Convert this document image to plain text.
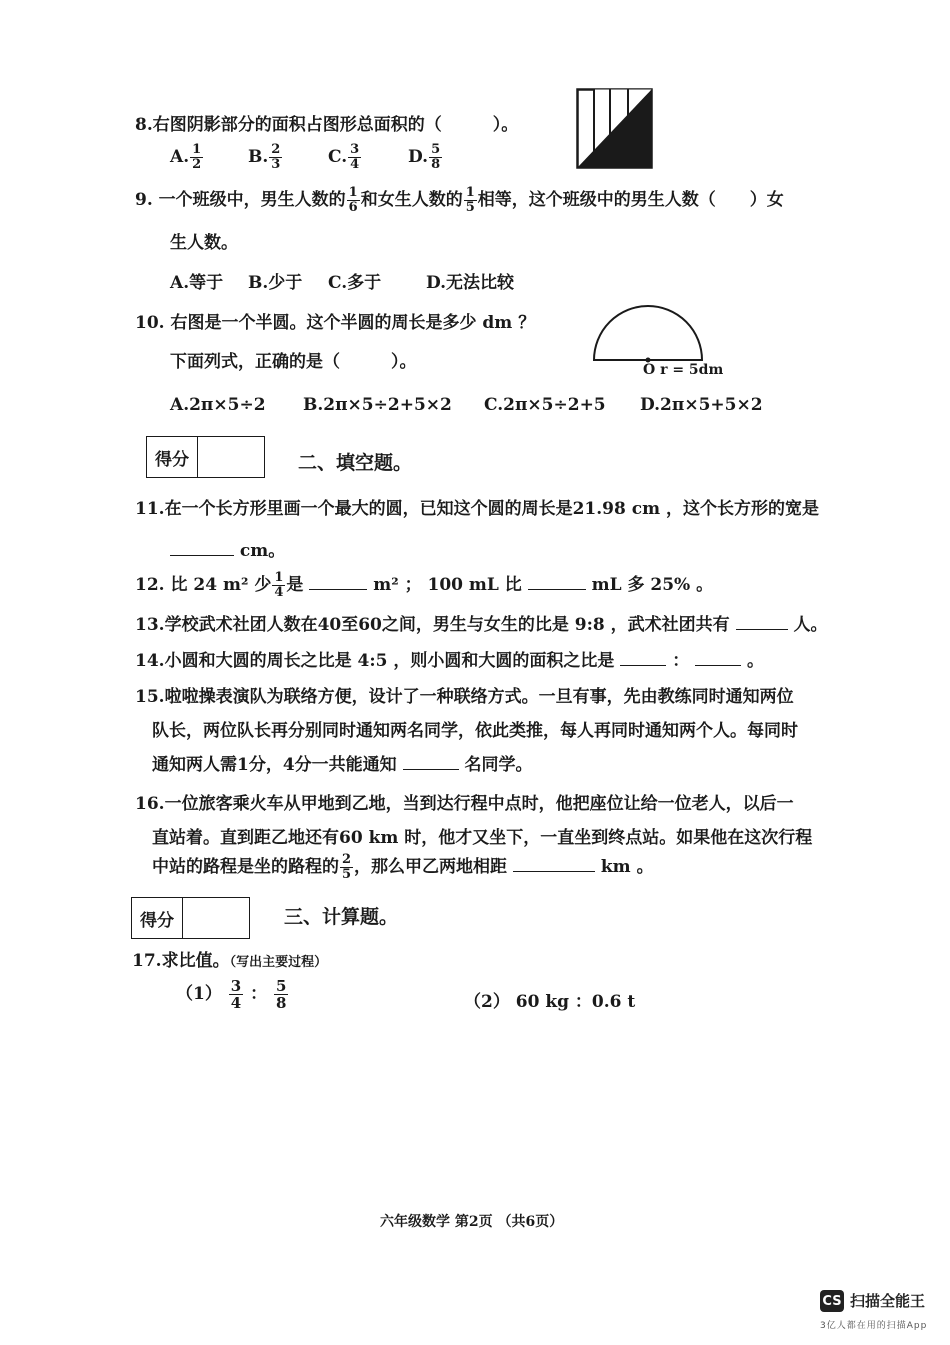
8.右图阴影部分的面积占图形总面积的（　　　）。
A. $\frac{1}{2}$	B. $\frac{2}{3}$	C. $\frac{3}{4}$	D. $\frac{5}{8}$
9. 一个班级中，男生人数的 $\frac{1}{6}$ 和女生人数的 $\frac{1}{5}$ 相等，这个班级中的男生人数（　　）女
生人数。
A.等于 B.少于 C.多于	D.无法比较
10. 右图是一个半圆。这个半圆的周长是多少 dm ？
下面列式，正确的是（　　　）。	O r = 5dm
A.2π×5÷2 B.2π×5÷2+5×2 C.2π×5÷2+5 D.2π×5+5×2
得分	二、填空题。
11.在一个长方形里画一个最大的圆，已知这个圆的周长是21.98 cm ，这个长方形的宽是
cm。
12. 比 24 m² 少 $\frac{1}{4}$ 是	m² ； 100 mL 比	mL 多 25% 。
13.学校武术社团人数在40至60之间，男生与女生的比是 9:8 ，武术社团共有	人。
14.小圆和大圆的周长之比是 4:5 ，则小圆和大圆的面积之比是	：	。
15.啦啦操表演队为联络方便，设计了一种联络方式。一旦有事，先由教练同时通知两位
队长，两位队长再分别同时通知两名同学，依此类推，每人再同时通知两个人。每同时
通知两人需1分，4分一共能通知	名同学。
16.一位旅客乘火车从甲地到乙地，当到达行程中点时，他把座位让给一位老人，以后一
直站着。直到距乙地还有60 km 时，他才又坐下，一直坐到终点站。如果他在这次行程
中站的路程是坐的路程的 $\frac{2}{5}$ ，那么甲乙两地相距	km 。
得分	三、计算题。
17.求比值。（写出主要过程）
$(1) \frac{3}{4}$ ： $\frac{5}{8}$	（2） 60 kg ：0.6 t
六年级数学 第2页 （共6页）
CS 扫描全能王
3亿人都在用的扫描App
